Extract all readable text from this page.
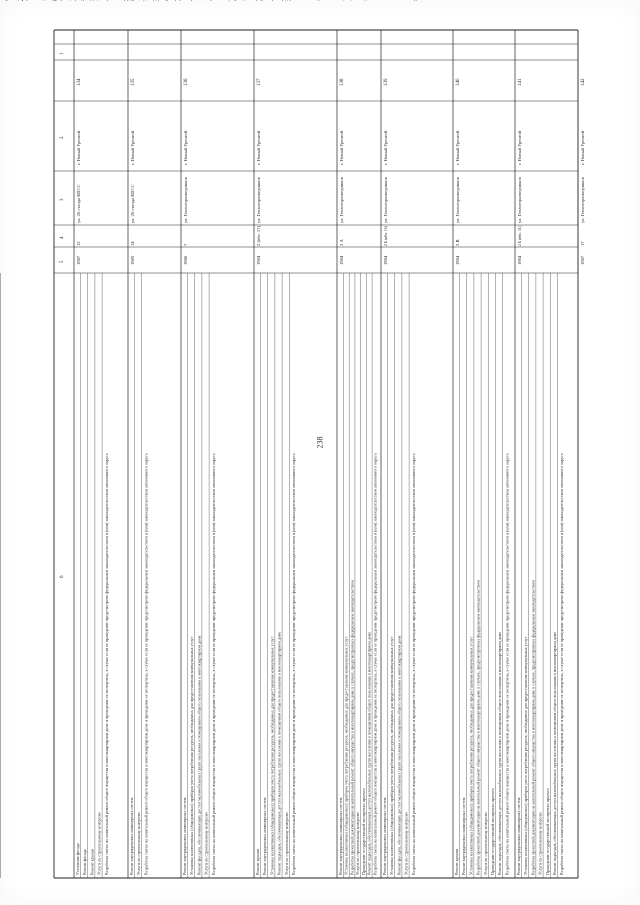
238
1
2
3
4
5
6
134
г. Новый Уренгой
ул. 26 съезда КПСС
12
1987
Утепление фасада Ремонт фасада Ремонт крыши Услуги по строительному контролю Разработка сметы на капитальный ремонт общего имущества в многоквартирном доме и проведение ее экспертизы, в случае если ее проведение предусмотрено федеральным законодательством и (или) законодательством автономного округа
135
г. Новый Уренгой
ул. 26 съезда КПСС
14
1985
Ремонт внутридомовых инженерных систем Услуги по строительному контролю Разработка сметы на капитальный ремонт общего имущества в многоквартирном доме и проведение ее экспертизы, в случае если ее проведение предусмотрено федеральным законодательством и (или) законодательством автономного округа
136
г. Новый Уренгой
ул. Геологоразведчиков
7
1986
Ремонт внутридомовых инженерных систем Установка коллективных (общедомовых) приборов учета потребления ресурсов, необходимых для предоставления коммунальных услуг Ремонт фасадов, обеспечивающих доступ маломобильных групп населения к помещениям общего пользования в многоквартирном доме Услуги по строительному контролю Разработка сметы на капитальный ремонт общего имущества в многоквартирном доме и проведение ее экспертизы, в случае если ее проведение предусмотрено федеральным законодательством и (или) законодательством автономного округа
137
г. Новый Уренгой
ул. Геологоразведчиков
2 (вбл. 17)
1984
Ремонт крыши Ремонт внутридомовых инженерных систем Установка коллективных (общедомовых) приборов учета потребления ресурсов, необходимых для предоставления коммунальных услуг Ремонт подъездов, обеспечивающих доступ маломобильных групп населения к помещениям общего пользования в многоквартирном доме Услуги по строительному контролю Разработка сметы на капитальный ремонт общего имущества в многоквартирном доме и проведение ее экспертизы, в случае если ее проведение предусмотрено федеральным законодательством и (или) законодательством автономного округа
138
г. Новый Уренгой
ул. Геологоразведчиков
2 А
1984
Ремонт внутридомовых инженерных систем Установка коллективных (общедомовых) приборов учета потребления ресурсов, необходимых для предоставления коммунальных услуг Разработка проектной документации на капитальный ремонт общего имущества в многоквартирном доме в случаях, предусмотренных федеральным законодательством Услуги по строительному контролю Проведение государственной экспертизы проекта Ремонт подъездов, обеспечивающих доступ маломобильных групп населения к помещениям общего пользования в многоквартирном доме Разработка сметы на капитальный ремонт общего имущества в многоквартирном доме и проведение ее экспертизы, в случае если ее проведение предусмотрено федеральным законодательством и (или) законодательством автономного округа
139
г. Новый Уренгой
ул. Геологоразведчиков
2 Б (вбл. 16)
1984
Ремонт внутридомовых инженерных систем Установка коллективных (общедомовых) приборов учета потребления ресурсов, необходимых для предоставления коммунальных услуг Ремонт фасадов, обеспечивающих доступ маломобильных групп населения к помещениям общего пользования в многоквартирном доме Услуги по строительному контролю Разработка сметы на капитальный ремонт общего имущества в многоквартирном доме и проведение ее экспертизы, в случае если ее проведение предусмотрено федеральным законодательством и (или) законодательством автономного округа
140
г. Новый Уренгой
ул. Геологоразведчиков
2 В
1984
Ремонт крыши Ремонт внутридомовых инженерных систем Установка коллективных (общедомовых) приборов учета потребления ресурсов, необходимых для предоставления коммунальных услуг Разработка проектной документации на капитальный ремонт общего имущества в многоквартирном доме в случаях, предусмотренных федеральным законодательством Услуги по строительному контролю Проведение государственной экспертизы проекта Ремонт подъездов, обеспечивающих доступ маломобильных групп населения к помещениям общего пользования в многоквартирном доме Разработка сметы на капитальный ремонт общего имущества в многоквартирном доме и проведение ее экспертизы, в случае если ее проведение предусмотрено федеральным законодательством и (или) законодательством автономного округа
141
г. Новый Уренгой
ул. Геологоразведчиков
2 Б (вбл. 11)
1984
Ремонт внутридомовых инженерных систем Установка коллективных (общедомовых) приборов учета потребления ресурсов, необходимых для предоставления коммунальных услуг Разработка проектной документации на капитальный ремонт общего имущества в многоквартирном доме в случаях, предусмотренных федеральным законодательством Услуги по строительному контролю Проведение государственной экспертизы проекта Ремонт подъездов, обеспечивающих доступ маломобильных групп населения к помещениям общего пользования в многоквартирном доме Разработка сметы на капитальный ремонт общего имущества в многоквартирном доме и проведение ее экспертизы, в случае если ее проведение предусмотрено федеральным законодательством и (или) законодательством автономного округа
142
г. Новый Уренгой
ул. Геологоразведчиков
17
1987
